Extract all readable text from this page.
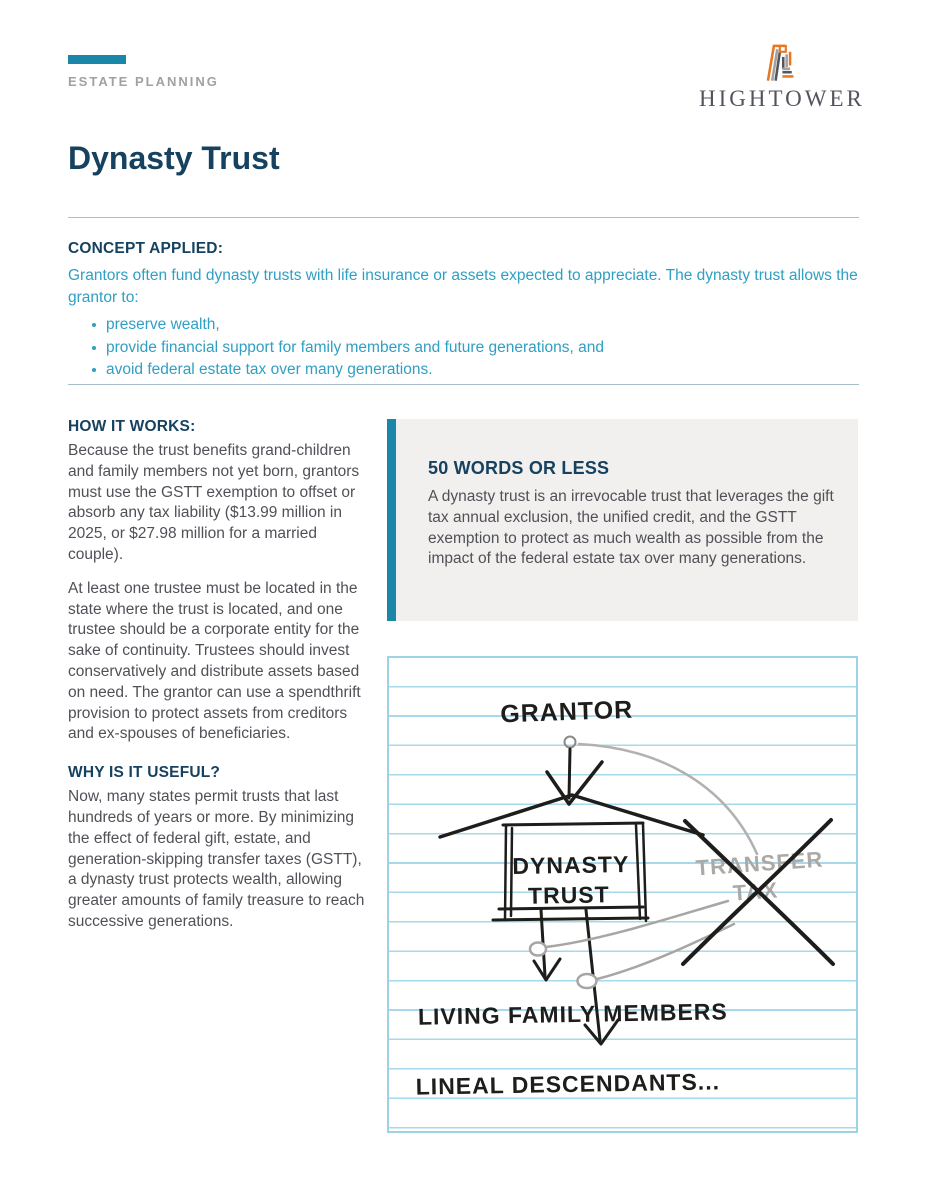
ESTATE PLANNING
HIGHTOWER
Dynasty Trust
CONCEPT APPLIED:
Grantors often fund dynasty trusts with life insurance or assets expected to appreciate. The dynasty trust allows the grantor to:
preserve wealth,
provide financial support for family members and future generations, and
avoid federal estate tax over many generations.
HOW IT WORKS:

Because the trust benefits grand-children and family members not yet born, grantors must use the GSTT exemption to offset or absorb any tax liability ($13.99 million in 2025, or $27.98 million for a married couple).

At least one trustee must be located in the state where the trust is located, and one trustee should be a corporate entity for the sake of continuity. Trustees should invest conservatively and distribute assets based on need. The grantor can use a spendthrift provision to protect assets from creditors and ex-spouses of beneficiaries.

WHY IS IT USEFUL?

Now, many states permit trusts that last hundreds of years or more. By minimizing the effect of federal gift, estate, and generation-skipping transfer taxes (GSTT), a dynasty trust protects wealth, allowing greater amounts of family treasure to reach successive generations.

50 WORDS OR LESS

A dynasty trust is an irrevocable trust that leverages the gift tax annual exclusion, the unified credit, and the GSTT exemption to protect as much wealth as possible from the impact of the federal estate tax over many generations.

GRANTOR
DYNASTY
TRUST
TRANSFER
TAX
LIVING FAMILY MEMBERS
LINEAL DESCENDANTS...
